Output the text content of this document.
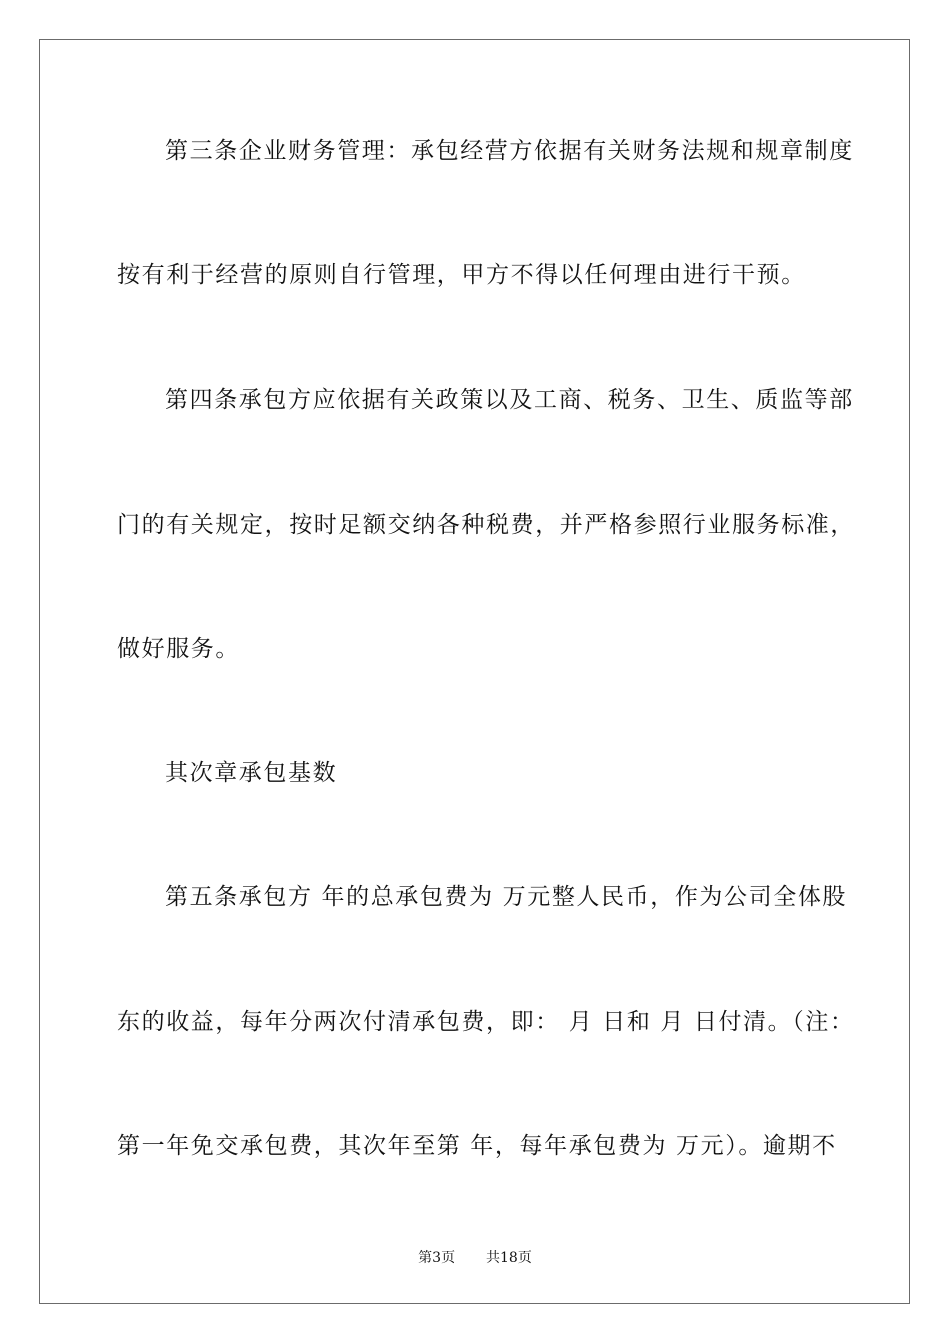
第三条企业财务管理：承包经营方依据有关财务法规和规章制度
按有利于经营的原则自行管理，甲方不得以任何理由进行干预。
第四条承包方应依据有关政策以及工商、税务、卫生、质监等部
门的有关规定，按时足额交纳各种税费，并严格参照行业服务标准，
做好服务。
其次章承包基数
第五条承包方 年的总承包费为 万元整人民币，作为公司全体股
东的收益，每年分两次付清承包费，即： 月 日和 月 日付清。（注：
第一年免交承包费，其次年至第 年，每年承包费为 万元）。逾期不
第3页 共18页
